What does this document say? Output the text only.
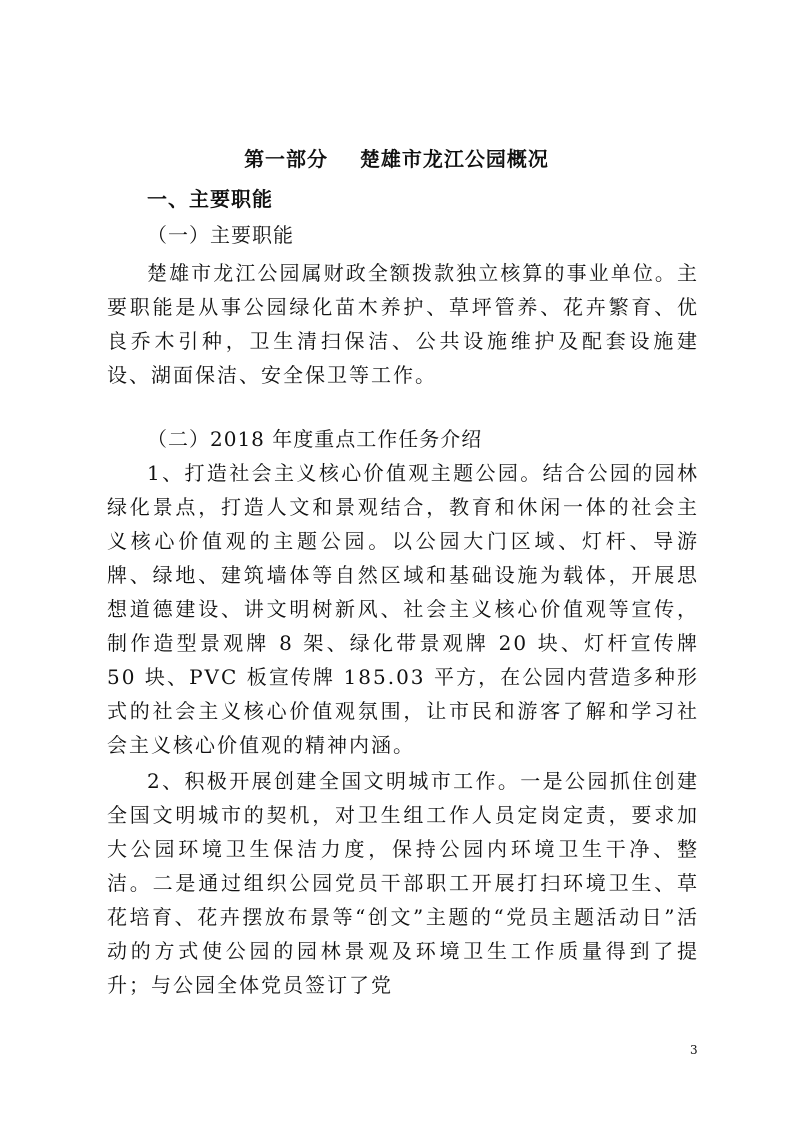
第一部分    楚雄市龙江公园概况
一、主要职能
（一）主要职能

楚雄市龙江公园属财政全额拨款独立核算的事业单位。主要职能是从事公园绿化苗木养护、草坪管养、花卉繁育、优良乔木引种，卫生清扫保洁、公共设施维护及配套设施建设、湖面保洁、安全保卫等工作。

（二）2018 年度重点工作任务介绍

1、打造社会主义核心价值观主题公园。结合公园的园林绿化景点，打造人文和景观结合，教育和休闲一体的社会主义核心价值观的主题公园。以公园大门区域、灯杆、导游牌、绿地、建筑墙体等自然区域和基础设施为载体，开展思想道德建设、讲文明树新风、社会主义核心价值观等宣传，制作造型景观牌 8 架、绿化带景观牌 20 块、灯杆宣传牌 50 块、PVC 板宣传牌 185.03 平方，在公园内营造多种形式的社会主义核心价值观氛围，让市民和游客了解和学习社会主义核心价值观的精神内涵。

2、积极开展创建全国文明城市工作。一是公园抓住创建全国文明城市的契机，对卫生组工作人员定岗定责，要求加大公园环境卫生保洁力度，保持公园内环境卫生干净、整洁。二是通过组织公园党员干部职工开展打扫环境卫生、草花培育、花卉摆放布景等“创文”主题的“党员主题活动日”活动的方式使公园的园林景观及环境卫生工作质量得到了提升；与公园全体党员签订了党

3
